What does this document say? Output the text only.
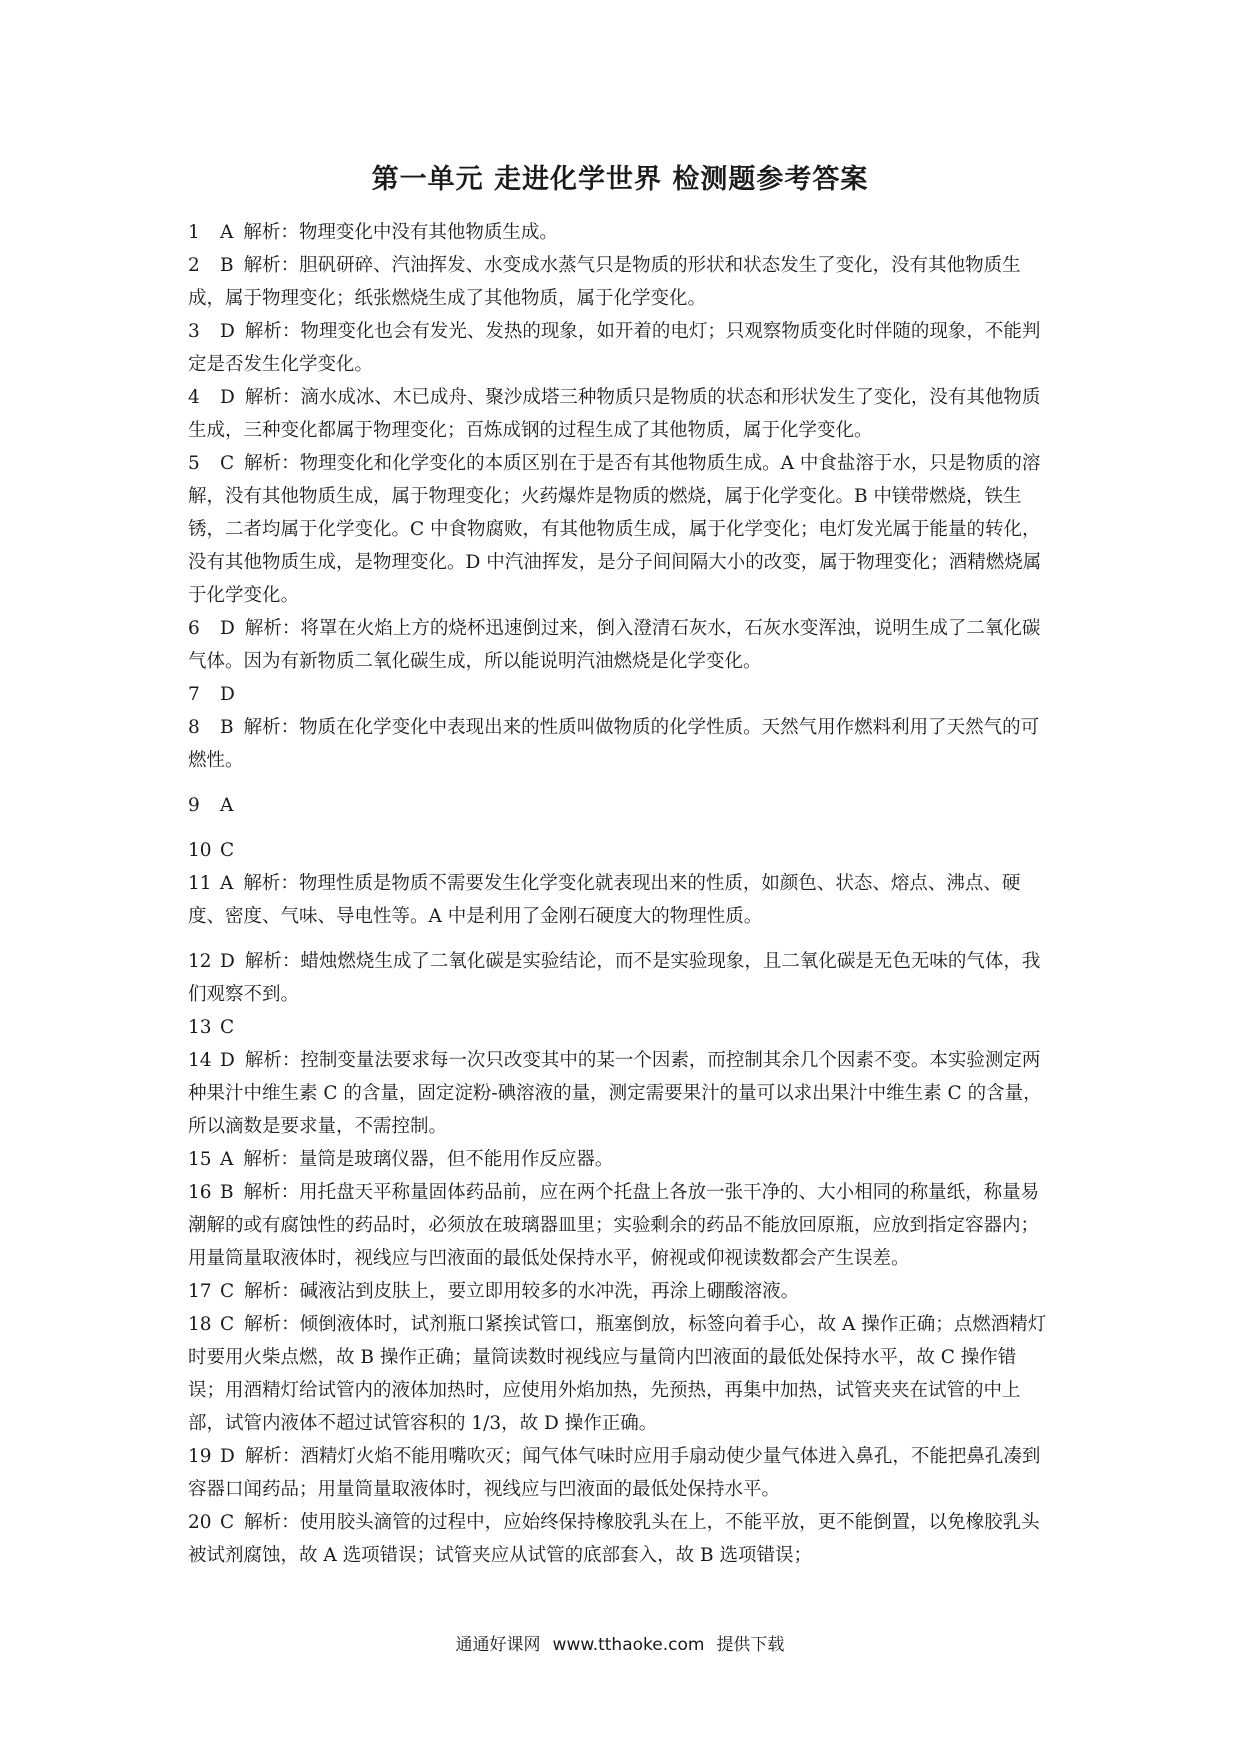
第一单元 走进化学世界 检测题参考答案

1 A 解析：物理变化中没有其他物质生成。

2 B 解析：胆矾研碎、汽油挥发、水变成水蒸气只是物质的形状和状态发生了变化，没有其他物质生成，属于物理变化；纸张燃烧生成了其他物质，属于化学变化。

3 D 解析：物理变化也会有发光、发热的现象，如开着的电灯；只观察物质变化时伴随的现象，不能判定是否发生化学变化。

4 D 解析：滴水成冰、木已成舟、聚沙成塔三种物质只是物质的状态和形状发生了变化，没有其他物质生成，三种变化都属于物理变化；百炼成钢的过程生成了其他物质，属于化学变化。

5 C 解析：物理变化和化学变化的本质区别在于是否有其他物质生成。A 中食盐溶于水，只是物质的溶解，没有其他物质生成，属于物理变化；火药爆炸是物质的燃烧，属于化学变化。B 中镁带燃烧，铁生锈，二者均属于化学变化。C 中食物腐败，有其他物质生成，属于化学变化；电灯发光属于能量的转化，没有其他物质生成，是物理变化。D 中汽油挥发，是分子间间隔大小的改变，属于物理变化；酒精燃烧属于化学变化。

6 D 解析：将罩在火焰上方的烧杯迅速倒过来，倒入澄清石灰水，石灰水变浑浊，说明生成了二氧化碳气体。因为有新物质二氧化碳生成，所以能说明汽油燃烧是化学变化。

7 D

8 B 解析：物质在化学变化中表现出来的性质叫做物质的化学性质。天然气用作燃料利用了天然气的可燃性。

9 A

10 C

11 A 解析：物理性质是物质不需要发生化学变化就表现出来的性质，如颜色、状态、熔点、沸点、硬度、密度、气味、导电性等。A 中是利用了金刚石硬度大的物理性质。

12 D 解析：蜡烛燃烧生成了二氧化碳是实验结论，而不是实验现象，且二氧化碳是无色无味的气体，我们观察不到。

13 C

14 D 解析：控制变量法要求每一次只改变其中的某一个因素，而控制其余几个因素不变。本实验测定两种果汁中维生素 C 的含量，固定淀粉-碘溶液的量，测定需要果汁的量可以求出果汁中维生素 C 的含量，所以滴数是要求量，不需控制。

15 A 解析：量筒是玻璃仪器，但不能用作反应器。

16 B 解析：用托盘天平称量固体药品前，应在两个托盘上各放一张干净的、大小相同的称量纸，称量易潮解的或有腐蚀性的药品时，必须放在玻璃器皿里；实验剩余的药品不能放回原瓶，应放到指定容器内；用量筒量取液体时，视线应与凹液面的最低处保持水平，俯视或仰视读数都会产生误差。

17 C 解析：碱液沾到皮肤上，要立即用较多的水冲洗，再涂上硼酸溶液。

18 C 解析：倾倒液体时，试剂瓶口紧挨试管口，瓶塞倒放，标签向着手心，故 A 操作正确；点燃酒精灯时要用火柴点燃，故 B 操作正确；量筒读数时视线应与量筒内凹液面的最低处保持水平，故 C 操作错误；用酒精灯给试管内的液体加热时，应使用外焰加热，先预热，再集中加热，试管夹夹在试管的中上部，试管内液体不超过试管容积的 1/3，故 D 操作正确。

19 D 解析：酒精灯火焰不能用嘴吹灭；闻气体气味时应用手扇动使少量气体进入鼻孔，不能把鼻孔凑到容器口闻药品；用量筒量取液体时，视线应与凹液面的最低处保持水平。

20 C 解析：使用胶头滴管的过程中，应始终保持橡胶乳头在上，不能平放，更不能倒置，以免橡胶乳头被试剂腐蚀，故 A 选项错误；试管夹应从试管的底部套入，故 B 选项错误；

通通好课网 www.tthaoke.com 提供下载
